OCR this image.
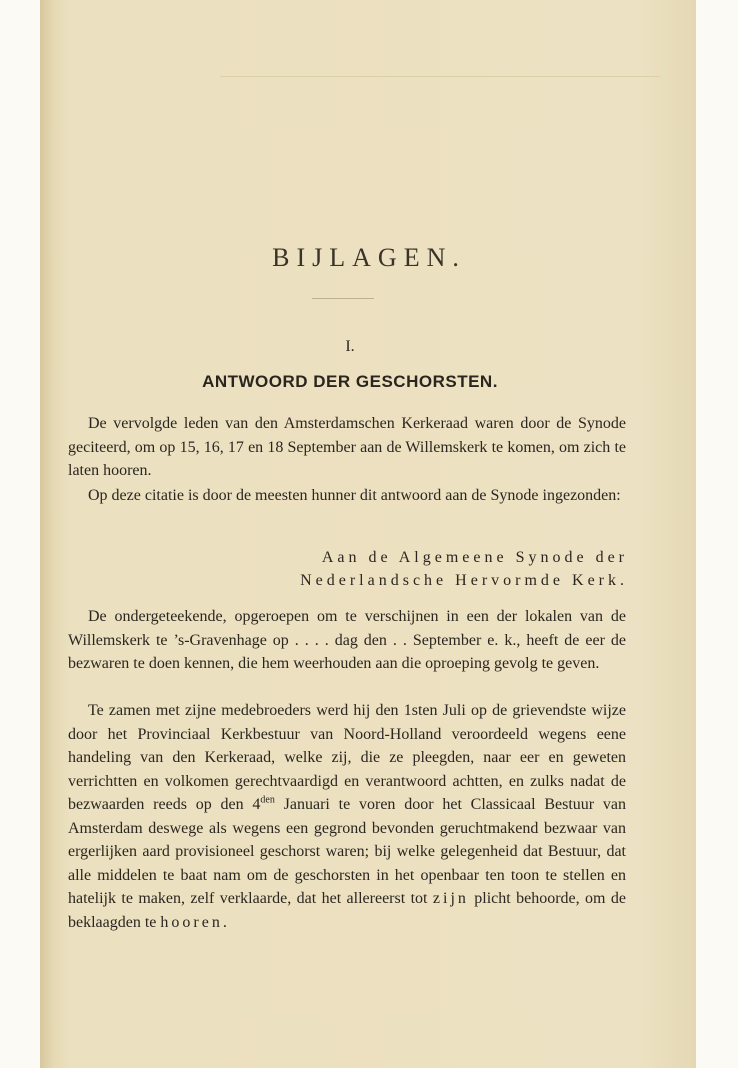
BIJLAGEN.
I.
ANTWOORD DER GESCHORSTEN.

De vervolgde leden van den Amsterdamschen Kerkeraad waren door de Synode geciteerd, om op 15, 16, 17 en 18 September aan de Willemskerk te komen, om zich te laten hooren.

Op deze citatie is door de meesten hunner dit antwoord aan de Synode ingezonden:

Aan de Algemeene Synode der
Nederlandsche Hervormde Kerk.

De ondergeteekende, opgeroepen om te verschijnen in een der lokalen van de Willemskerk te ’s-Gravenhage op . . . . dag den . . September e. k., heeft de eer de bezwaren te doen kennen, die hem weerhouden aan die oproeping gevolg te geven.

Te zamen met zijne medebroeders werd hij den 1sten Juli op de grievendste wijze door het Provinciaal Kerkbestuur van Noord-Holland veroordeeld wegens eene handeling van den Kerkeraad, welke zij, die ze pleegden, naar eer en geweten verrichtten en volkomen gerechtvaardigd en verantwoord achtten, en zulks nadat de bezwaarden reeds op den $4^{den}$ Januari te voren door het Classicaal Bestuur van Amsterdam deswege als wegens een gegrond bevonden geruchtmakend bezwaar van ergerlijken aard provisioneel geschorst waren; bij welke gelegenheid dat Bestuur, dat alle middelen te baat nam om de geschorsten in het openbaar ten toon te stellen en hatelijk te maken, zelf verklaarde, dat het allereerst tot zijn plicht behoorde, om de beklaagden te hooren.
